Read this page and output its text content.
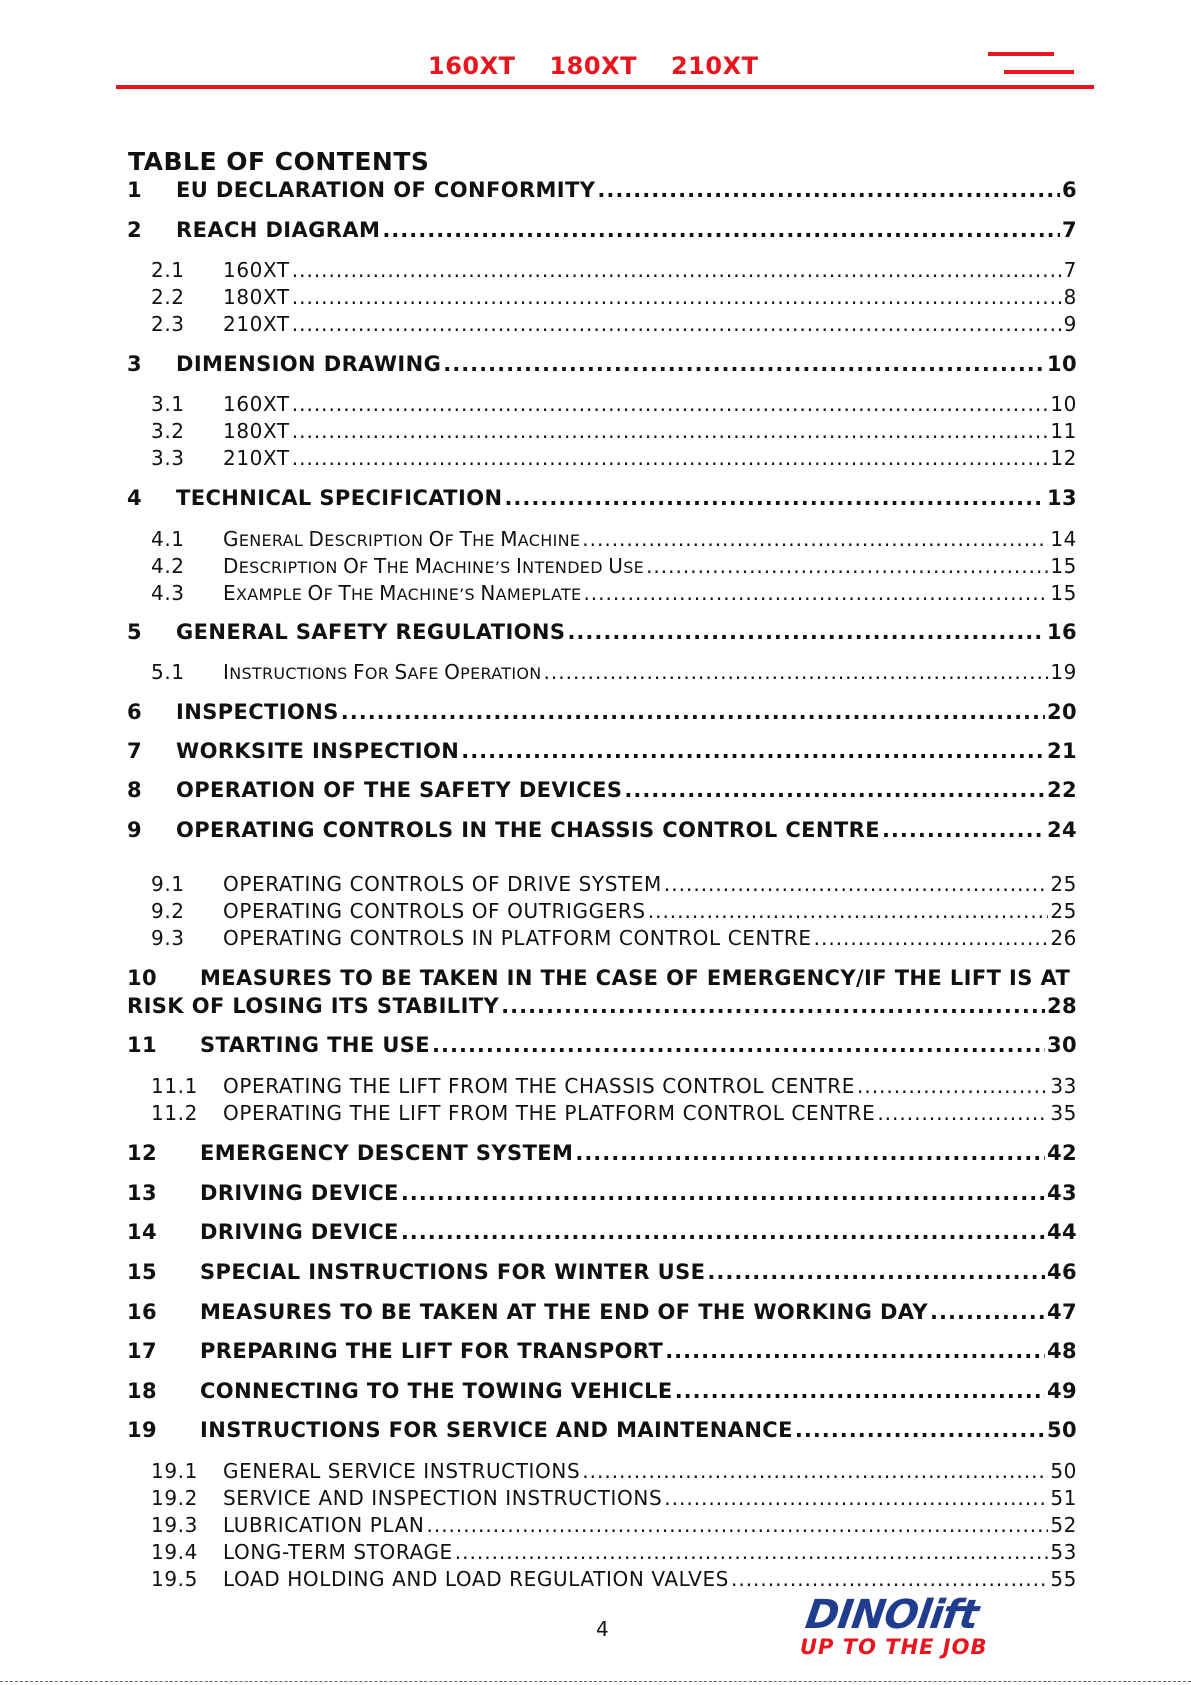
160XT 180XT 210XT
TABLE OF CONTENTS
1	EU DECLARATION OF CONFORMITY .....	6
2	REACH DIAGRAM .....	7
2.1	160XT .....	7
2.2	180XT .....	8
2.3	210XT .....	9
3	DIMENSION DRAWING .....	10
3.1	160XT .....	10
3.2	180XT .....	11
3.3	210XT .....	12
4	TECHNICAL SPECIFICATION .....	13
4.1	GENERAL DESCRIPTION OF THE MACHINE .....	14
4.2	DESCRIPTION OF THE MACHINE’S INTENDED USE .....	15
4.3	EXAMPLE OF THE MACHINE’S NAMEPLATE .....	15
5	GENERAL SAFETY REGULATIONS .....	16
5.1	INSTRUCTIONS FOR SAFE OPERATION .....	19
6	INSPECTIONS .....	20
7	WORKSITE INSPECTION .....	21
8	OPERATION OF THE SAFETY DEVICES .....	22
9	OPERATING CONTROLS IN THE CHASSIS CONTROL CENTRE .....	24
9.1	OPERATING CONTROLS OF DRIVE SYSTEM .....	25
9.2	OPERATING CONTROLS OF OUTRIGGERS .....	25
9.3	OPERATING CONTROLS IN PLATFORM CONTROL CENTRE .....	26
10 MEASURES TO BE TAKEN IN THE CASE OF EMERGENCY/IF THE LIFT IS AT
RISK OF LOSING ITS STABILITY .....	28
11	STARTING THE USE .....	30
11.1	OPERATING THE LIFT FROM THE CHASSIS CONTROL CENTRE .....	33
11.2	OPERATING THE LIFT FROM THE PLATFORM CONTROL CENTRE .....	35
12	EMERGENCY DESCENT SYSTEM .....	42
13	DRIVING DEVICE .....	43
14	DRIVING DEVICE .....	44
15	SPECIAL INSTRUCTIONS FOR WINTER USE .....	46
16	MEASURES TO BE TAKEN AT THE END OF THE WORKING DAY .....	47
17	PREPARING THE LIFT FOR TRANSPORT .....	48
18	CONNECTING TO THE TOWING VEHICLE .....	49
19	INSTRUCTIONS FOR SERVICE AND MAINTENANCE .....	50
19.1	GENERAL SERVICE INSTRUCTIONS .....	50
19.2	SERVICE AND INSPECTION INSTRUCTIONS .....	51
19.3	LUBRICATION PLAN .....	52
19.4	LONG-TERM STORAGE .....	53
19.5	LOAD HOLDING AND LOAD REGULATION VALVES .....	55
4	DINOlift
UP TO THE JOB
